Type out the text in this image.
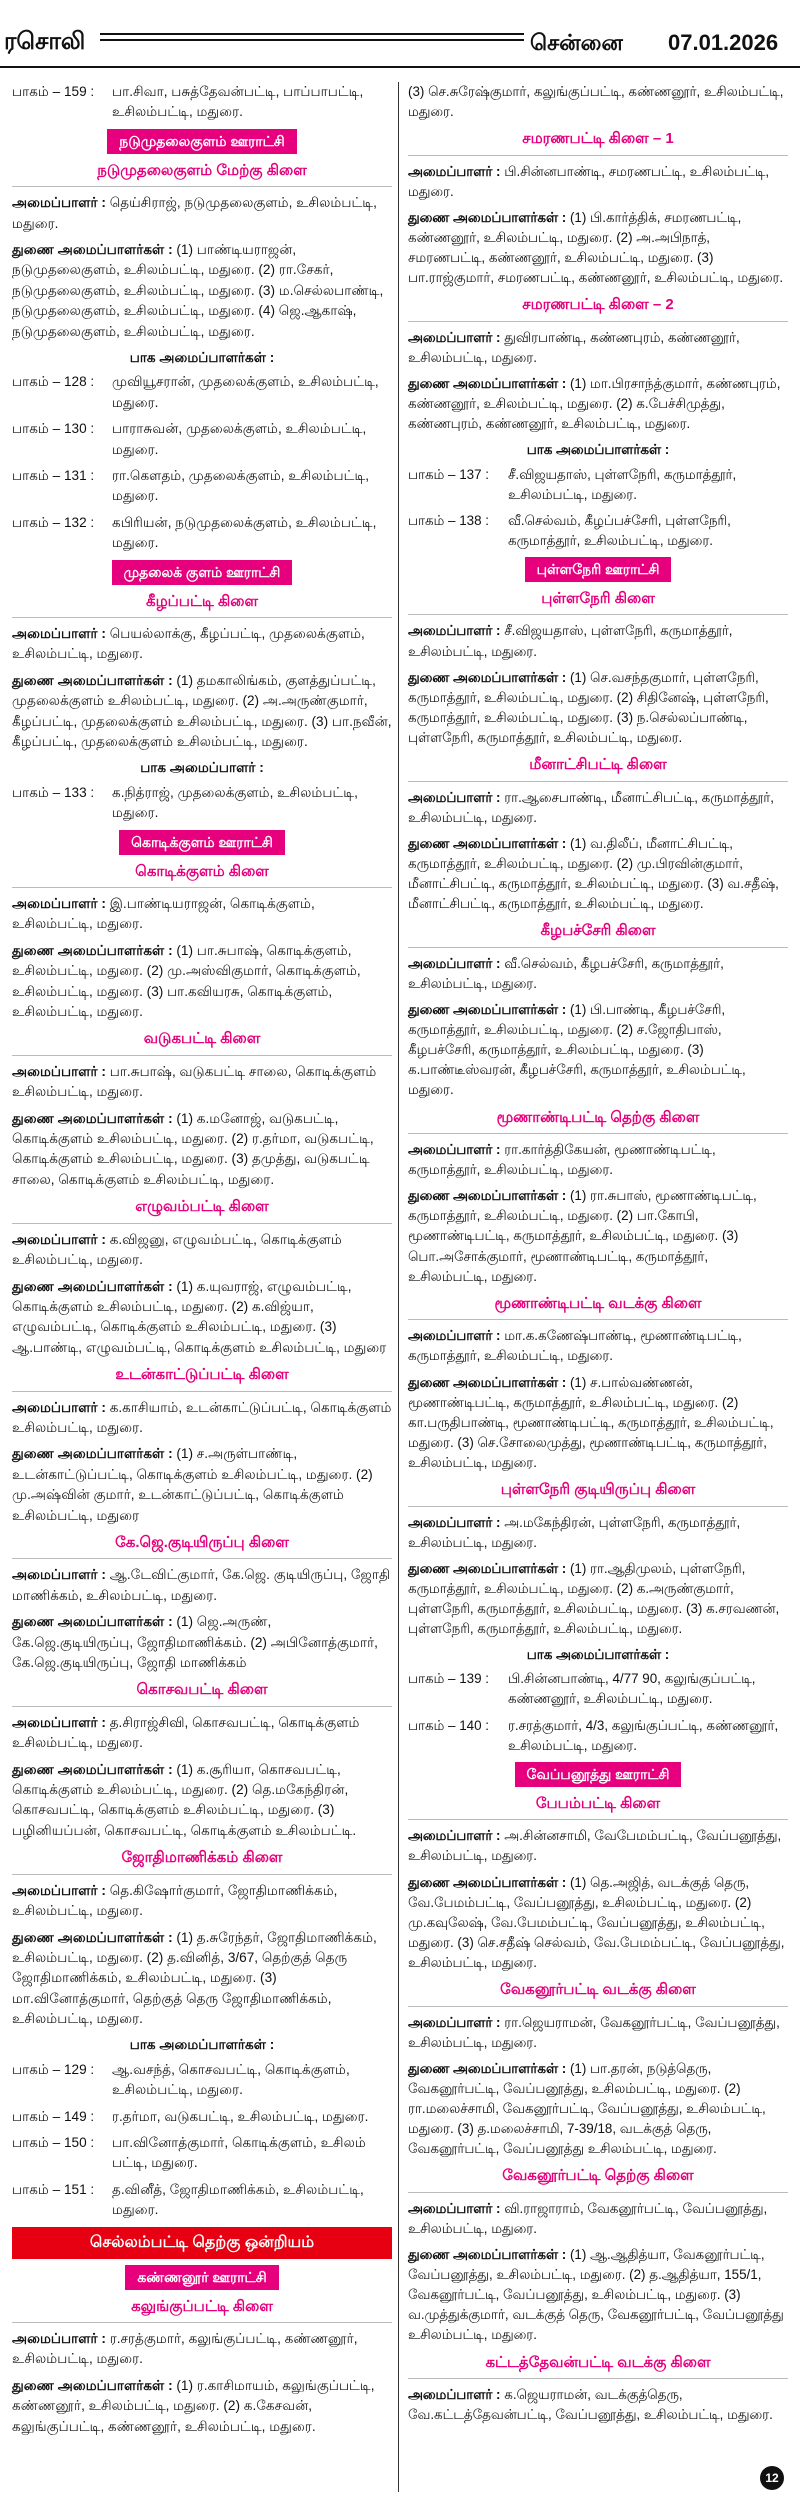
ரசொலி	சென்னை 07.01.2026
பாகம் – 159 :	பா.சிவா, பசுத்தேவன்பட்டி, பாப்பாபட்டி, உசிலம்பட்டி, மதுரை.
நடுமுதலைகுளம் ஊராட்சி
நடுமுதலைகுளம் மேற்கு கிளை

அமைப்பாளர் : தெய்சிராஜ், நடுமுதலைகுளம், உசிலம்பட்டி, மதுரை.

துணை அமைப்பாளர்கள் : (1) பாண்டியராஜன், நடுமுதலைகுளம், உசிலம்பட்டி, மதுரை. (2) ரா.சேகர், நடுமுதலைகுளம், உசிலம்பட்டி, மதுரை. (3) ம.செல்லபாண்டி, நடுமுதலைகுளம், உசிலம்பட்டி, மதுரை. (4) ஜெ.ஆகாஷ், நடுமுதலைகுளம், உசிலம்பட்டி, மதுரை.

பாக அமைப்பாளர்கள் :
பாகம் – 128 :	முவியூசரான், முதலைக்குளம், உசிலம்பட்டி, மதுரை.
பாகம் – 130 :	பாராசுவன், முதலைக்குளம், உசிலம்பட்டி, மதுரை.
பாகம் – 131 :	ரா.கௌதம், முதலைக்குளம், உசிலம்பட்டி, மதுரை.
பாகம் – 132 :	கபிரியன், நடுமுதலைக்குளம், உசிலம்பட்டி, மதுரை.
முதலைக் குளம் ஊராட்சி
கீழப்பட்டி கிளை

அமைப்பாளர் : பெயல்லாக்கு, கீழப்பட்டி, முதலைக்குளம், உசிலம்பட்டி, மதுரை.

துணை அமைப்பாளர்கள் : (1) தமகாலிங்கம், குளத்துப்பட்டி, முதலைக்குளம் உசிலம்பட்டி, மதுரை. (2) அ.அருண்குமார், கீழப்பட்டி, முதலைக்குளம் உசிலம்பட்டி, மதுரை. (3) பா.நவீன், கீழப்பட்டி, முதலைக்குளம் உசிலம்பட்டி, மதுரை.

பாக அமைப்பாளர் :
பாகம் – 133 :	க.நித்ராஜ், முதலைக்குளம், உசிலம்பட்டி, மதுரை.
கொடிக்குளம் ஊராட்சி
கொடிக்குளம் கிளை

அமைப்பாளர் : இ.பாண்டியராஜன், கொடிக்குளம், உசிலம்பட்டி, மதுரை.

துணை அமைப்பாளர்கள் : (1) பா.சுபாஷ், கொடிக்குளம், உசிலம்பட்டி, மதுரை. (2) மு.அஸ்விகுமார், கொடிக்குளம், உசிலம்பட்டி, மதுரை. (3) பா.கவியரசு, கொடிக்குளம், உசிலம்பட்டி, மதுரை.

வடுகபட்டி கிளை

அமைப்பாளர் : பா.சுபாஷ், வடுகபட்டி சாலை, கொடிக்குளம் உசிலம்பட்டி, மதுரை.

துணை அமைப்பாளர்கள் : (1) க.மனோஜ், வடுகபட்டி, கொடிக்குளம் உசிலம்பட்டி, மதுரை. (2) ர.தர்மா, வடுகபட்டி, கொடிக்குளம் உசிலம்பட்டி, மதுரை. (3) தமுத்து, வடுகபட்டி சாலை, கொடிக்குளம் உசிலம்பட்டி, மதுரை.

எழுவம்பட்டி கிளை

அமைப்பாளர் : க.விஜனு, எழுவம்பட்டி, கொடிக்குளம் உசிலம்பட்டி, மதுரை.

துணை அமைப்பாளர்கள் : (1) க.யுவராஜ், எழுவம்பட்டி, கொடிக்குளம் உசிலம்பட்டி, மதுரை. (2) க.விஜ்யா, எழுவம்பட்டி, கொடிக்குளம் உசிலம்பட்டி, மதுரை. (3) ஆ.பாண்டி, எழுவம்பட்டி, கொடிக்குளம் உசிலம்பட்டி, மதுரை

உடன்காட்டுப்பட்டி கிளை

அமைப்பாளர் : க.காசியாம், உடன்காட்டுப்பட்டி, கொடிக்குளம் உசிலம்பட்டி, மதுரை.

துணை அமைப்பாளர்கள் : (1) ச.அருள்பாண்டி, உடன்காட்டுப்பட்டி, கொடிக்குளம் உசிலம்பட்டி, மதுரை. (2) மு.அஷ்வின் குமார், உடன்காட்டுப்பட்டி, கொடிக்குளம் உசிலம்பட்டி, மதுரை

கே.ஜெ.குடியிருப்பு கிளை

அமைப்பாளர் : ஆ.டேவிட்குமார், கே.ஜெ. குடியிருப்பு, ஜோதி மாணிக்கம், உசிலம்பட்டி, மதுரை.

துணை அமைப்பாளர்கள் : (1) ஜெ.அருண், கே.ஜெ.குடியிருப்பு, ஜோதிமாணிக்கம். (2) அபினோத்குமார், கே.ஜெ.குடியிருப்பு, ஜோதி மாணிக்கம்

கொசவபட்டி கிளை

அமைப்பாளர் : த.சிராஜ்சிவி, கொசவபட்டி, கொடிக்குளம் உசிலம்பட்டி, மதுரை.

துணை அமைப்பாளர்கள் : (1) க.சூரியா, கொசவபட்டி, கொடிக்குளம் உசிலம்பட்டி, மதுரை. (2) தெ.மகேந்திரன், கொசவபட்டி, கொடிக்குளம் உசிலம்பட்டி, மதுரை. (3) பழினியப்பன், கொசவபட்டி, கொடிக்குளம் உசிலம்பட்டி.

ஜோதிமாணிக்கம் கிளை

அமைப்பாளர் : தெ.கிஷோர்குமார், ஜோதிமாணிக்கம், உசிலம்பட்டி, மதுரை.

துணை அமைப்பாளர்கள் : (1) த.சுரேந்தர், ஜோதிமாணிக்கம், உசிலம்பட்டி, மதுரை. (2) த.வினித், 3/67, தெற்குத் தெரு ஜோதிமாணிக்கம், உசிலம்பட்டி, மதுரை. (3) மா.வினோத்குமார், தெற்குத் தெரு ஜோதிமாணிக்கம், உசிலம்பட்டி, மதுரை.

பாக அமைப்பாளர்கள் :
பாகம் – 129 :	ஆ.வசந்த், கொசவபட்டி, கொடிக்குளம், உசிலம்பட்டி, மதுரை.
பாகம் – 149 :	ர.தர்மா, வடுகபட்டி, உசிலம்பட்டி, மதுரை.
பாகம் – 150 :	பா.வினோத்குமார், கொடிக்குளம், உசிலம் பட்டி, மதுரை.
பாகம் – 151 :	த.வினீத், ஜோதிமாணிக்கம், உசிலம்பட்டி, மதுரை.
செல்லம்பட்டி தெற்கு ஒன்றியம்
கண்ணனூர் ஊராட்சி
கலுங்குப்பட்டி கிளை

அமைப்பாளர் : ர.சரத்குமார், கலுங்குப்பட்டி, கண்ணனூர், உசிலம்பட்டி, மதுரை.

துணை அமைப்பாளர்கள் : (1) ர.காசிமாயம், கலுங்குப்பட்டி, கண்ணனூர், உசிலம்பட்டி, மதுரை. (2) க.கேசவன், கலுங்குப்பட்டி, கண்ணனூர், உசிலம்பட்டி, மதுரை.

(3) செ.சுரேஷ்குமார், கலுங்குப்பட்டி, கண்ணனூர், உசிலம்பட்டி, மதுரை.

சமரணபட்டி கிளை – 1

அமைப்பாளர் : பி.சின்னபாண்டி, சமரணபட்டி, உசிலம்பட்டி, மதுரை.

துணை அமைப்பாளர்கள் : (1) பி.கார்த்திக், சமரணபட்டி, கண்ணனூர், உசிலம்பட்டி, மதுரை. (2) அ.அபிநாத், சமரணபட்டி, கண்ணனூர், உசிலம்பட்டி, மதுரை. (3) பா.ராஜ்குமார், சமரணபட்டி, கண்ணனூர், உசிலம்பட்டி, மதுரை.

சமரணபட்டி கிளை – 2

அமைப்பாளர் : துவிரபாண்டி, கண்ணபுரம், கண்ணனூர், உசிலம்பட்டி, மதுரை.

துணை அமைப்பாளர்கள் : (1) மா.பிரசாந்த்குமார், கண்ணபுரம், கண்ணனூர், உசிலம்பட்டி, மதுரை. (2) க.பேச்சிமுத்து, கண்ணபுரம், கண்ணனூர், உசிலம்பட்டி, மதுரை.

பாக அமைப்பாளர்கள் :
பாகம் – 137 :	சீ.விஜயதாஸ், புள்ளநேரி, கருமாத்தூர், உசிலம்பட்டி, மதுரை.
பாகம் – 138 :	வீ.செல்வம், கீழப்பச்சேரி, புள்ளநேரி, கருமாத்தூர், உசிலம்பட்டி, மதுரை.
புள்ளநேரி ஊராட்சி
புள்ளநேரி கிளை

அமைப்பாளர் : சீ.விஜயதாஸ், புள்ளநேரி, கருமாத்தூர், உசிலம்பட்டி, மதுரை.

துணை அமைப்பாளர்கள் : (1) செ.வசந்தகுமார், புள்ளநேரி, கருமாத்தூர், உசிலம்பட்டி, மதுரை. (2) சிதினேஷ், புள்ளநேரி, கருமாத்தூர், உசிலம்பட்டி, மதுரை. (3) ந.செல்லப்பாண்டி, புள்ளநேரி, கருமாத்தூர், உசிலம்பட்டி, மதுரை.

மீனாட்சிபட்டி கிளை

அமைப்பாளர் : ரா.ஆசைபாண்டி, மீனாட்சிபட்டி, கருமாத்தூர், உசிலம்பட்டி, மதுரை.

துணை அமைப்பாளர்கள் : (1) வ.திலீப், மீனாட்சிபட்டி, கருமாத்தூர், உசிலம்பட்டி, மதுரை. (2) மு.பிரவின்குமார், மீனாட்சிபட்டி, கருமாத்தூர், உசிலம்பட்டி, மதுரை. (3) வ.சதீஷ், மீனாட்சிபட்டி, கருமாத்தூர், உசிலம்பட்டி, மதுரை.

கீழபச்சேரி கிளை

அமைப்பாளர் : வீ.செல்வம், கீழபச்சேரி, கருமாத்தூர், உசிலம்பட்டி, மதுரை.

துணை அமைப்பாளர்கள் : (1) பி.பாண்டி, கீழபச்சேரி, கருமாத்தூர், உசிலம்பட்டி, மதுரை. (2) ச.ஜோதிபாஸ், கீழபச்சேரி, கருமாத்தூர், உசிலம்பட்டி, மதுரை. (3) க.பாண்டீஸ்வரன், கீழபச்சேரி, கருமாத்தூர், உசிலம்பட்டி, மதுரை.

மூணாண்டிபட்டி தெற்கு கிளை

அமைப்பாளர் : ரா.கார்த்திகேயன், மூணாண்டிபட்டி, கருமாத்தூர், உசிலம்பட்டி, மதுரை.

துணை அமைப்பாளர்கள் : (1) ரா.சுபாஸ், மூணாண்டிபட்டி, கருமாத்தூர், உசிலம்பட்டி, மதுரை. (2) பா.கோபி, மூணாண்டிபட்டி, கருமாத்தூர், உசிலம்பட்டி, மதுரை. (3) பொ.அசோக்குமார், மூணாண்டிபட்டி, கருமாத்தூர், உசிலம்பட்டி, மதுரை.

மூணாண்டிபட்டி வடக்கு கிளை

அமைப்பாளர் : மா.க.கணேஷ்பாண்டி, மூணாண்டிபட்டி, கருமாத்தூர், உசிலம்பட்டி, மதுரை.

துணை அமைப்பாளர்கள் : (1) ச.பால்வண்ணன், மூணாண்டிபட்டி, கருமாத்தூர், உசிலம்பட்டி, மதுரை. (2) கா.பருதிபாண்டி, மூணாண்டிபட்டி, கருமாத்தூர், உசிலம்பட்டி, மதுரை. (3) செ.சோலைமுத்து, மூணாண்டிபட்டி, கருமாத்தூர், உசிலம்பட்டி, மதுரை.

புள்ளநேரி குடியிருப்பு கிளை

அமைப்பாளர் : அ.மகேந்திரன், புள்ளநேரி, கருமாத்தூர், உசிலம்பட்டி, மதுரை.

துணை அமைப்பாளர்கள் : (1) ரா.ஆதிமுலம், புள்ளநேரி, கருமாத்தூர், உசிலம்பட்டி, மதுரை. (2) க.அருண்குமார், புள்ளநேரி, கருமாத்தூர், உசிலம்பட்டி, மதுரை. (3) க.சரவணன், புள்ளநேரி, கருமாத்தூர், உசிலம்பட்டி, மதுரை.

பாக அமைப்பாளர்கள் :
பாகம் – 139 :	பி.சின்னபாண்டி, 4/77 90, கலுங்குப்பட்டி, கண்ணனூர், உசிலம்பட்டி, மதுரை.
பாகம் – 140 :	ர.சரத்குமார், 4/3, கலுங்குப்பட்டி, கண்ணனூர், உசிலம்பட்டி, மதுரை.
வேப்பனூத்து ஊராட்சி
பேபம்பட்டி கிளை

அமைப்பாளர் : அ.சின்னசாமி, வேபேமம்பட்டி, வேப்பனூத்து, உசிலம்பட்டி, மதுரை.

துணை அமைப்பாளர்கள் : (1) தெ.அஜித், வடக்குத் தெரு, வே.பேமம்பட்டி, வேப்பனூத்து, உசிலம்பட்டி, மதுரை. (2) மு.கவுலேஷ், வே.பேமம்பட்டி, வேப்பனூத்து, உசிலம்பட்டி, மதுரை. (3) செ.சதீஷ் செல்வம், வே.பேமம்பட்டி, வேப்பனூத்து, உசிலம்பட்டி, மதுரை.

வேகனூர்பட்டி வடக்கு கிளை

அமைப்பாளர் : ரா.ஜெயராமன், வேகனூர்பட்டி, வேப்பனூத்து, உசிலம்பட்டி, மதுரை.

துணை அமைப்பாளர்கள் : (1) பா.தரன், நடுத்தெரு, வேகனூர்பட்டி, வேப்பனூத்து, உசிலம்பட்டி, மதுரை. (2) ரா.மலைச்சாமி, வேகனூர்பட்டி, வேப்பனூத்து, உசிலம்பட்டி, மதுரை. (3) த.மலைச்சாமி, 7-39/18, வடக்குத் தெரு, வேகனூர்பட்டி, வேப்பனூத்து உசிலம்பட்டி, மதுரை.

வேகனூர்பட்டி தெற்கு கிளை

அமைப்பாளர் : வி.ராஜாராம், வேகனூர்பட்டி, வேப்பனூத்து, உசிலம்பட்டி, மதுரை.

துணை அமைப்பாளர்கள் : (1) ஆ.ஆதித்யா, வேகனூர்பட்டி, வேப்பனூத்து, உசிலம்பட்டி, மதுரை. (2) த.ஆதித்யா, 155/1, வேகனூர்பட்டி, வேப்பனூத்து, உசிலம்பட்டி, மதுரை. (3) வ.முத்துக்குமார், வடக்குத் தெரு, வேகனூர்பட்டி, வேப்பனூத்து உசிலம்பட்டி, மதுரை.

கட்டத்தேவன்பட்டி வடக்கு கிளை

அமைப்பாளர் : க.ஜெயராமன், வடக்குத்தெரு, வே.கட்டத்தேவன்பட்டி, வேப்பனூத்து, உசிலம்பட்டி, மதுரை.

12
